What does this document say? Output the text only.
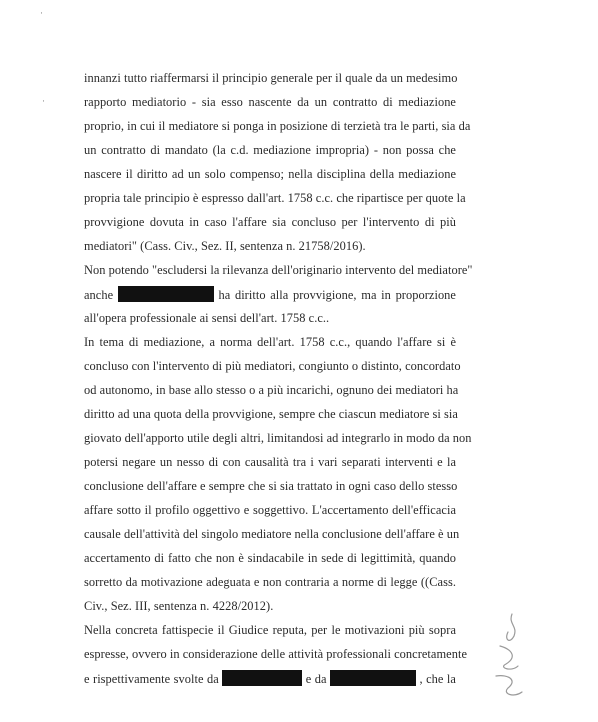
·
·
innanzi tutto riaffermarsi il principio generale per il quale da un medesimo
rapporto mediatorio - sia esso nascente da un contratto di mediazione
proprio, in cui il mediatore si ponga in posizione di terzietà tra le parti, sia da
un contratto di mandato (la c.d. mediazione impropria) - non possa che
nascere il diritto ad un solo compenso; nella disciplina della mediazione
propria tale principio è espresso dall'art. 1758 c.c. che ripartisce per quote la
provvigione dovuta in caso l'affare sia concluso per l'intervento di più
mediatori" (Cass. Civ., Sez. II, sentenza n. 21758/2016).
Non potendo "escludersi la rilevanza dell'originario intervento del mediatore"
anche	ha diritto alla provvigione, ma in proporzione
all'opera professionale ai sensi dell'art. 1758 c.c..
In tema di mediazione, a norma dell'art. 1758 c.c., quando l'affare si è
concluso con l'intervento di più mediatori, congiunto o distinto, concordato
od autonomo, in base allo stesso o a più incarichi, ognuno dei mediatori ha
diritto ad una quota della provvigione, sempre che ciascun mediatore si sia
giovato dell'apporto utile degli altri, limitandosi ad integrarlo in modo da non
potersi negare un nesso di con causalità tra i vari separati interventi e la
conclusione dell'affare e sempre che si sia trattato in ogni caso dello stesso
affare sotto il profilo oggettivo e soggettivo. L'accertamento dell'efficacia
causale dell'attività del singolo mediatore nella conclusione dell'affare è un
accertamento di fatto che non è sindacabile in sede di legittimità, quando
sorretto da motivazione adeguata e non contraria a norme di legge ((Cass.
Civ., Sez. III, sentenza n. 4228/2012).
Nella concreta fattispecie il Giudice reputa, per le motivazioni più sopra
espresse, ovvero in considerazione delle attività professionali concretamente
e rispettivamente svolte da	e da	, che la
